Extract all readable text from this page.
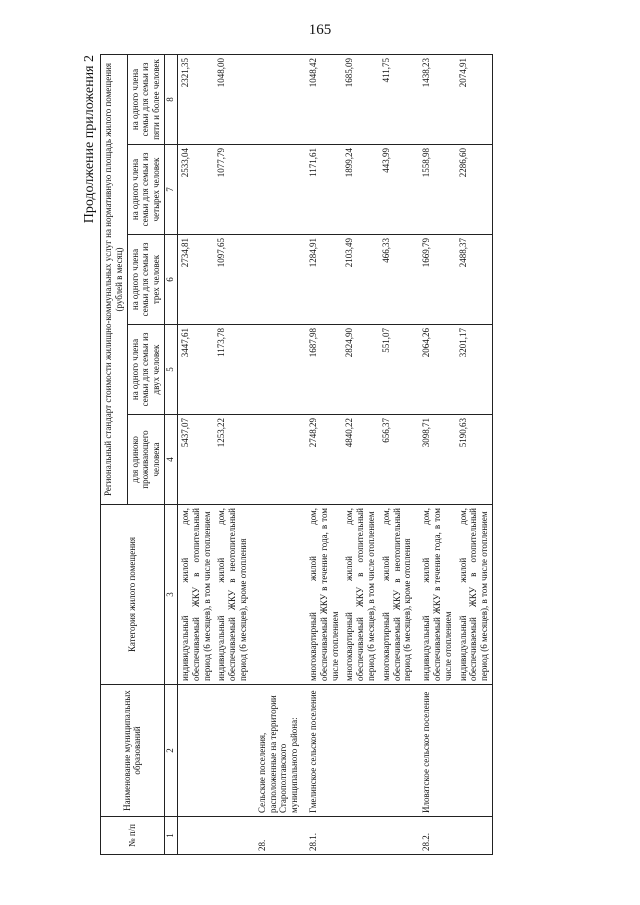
165
Продолжение приложения 2
№ п/п	Наименование муниципальных образований	Категория жилого помещения	Региональный стандарт стоимости жилищно-коммунальных услуг на нормативную площадь жилого помещения (рублей в месяц)				
			для одиноко проживающего человека	на одного члена семьи для семьи из двух человек	на одного члена семьи для семьи из трех человек	на одного члена семьи для семьи из четырех человек	на одного члена семьи для семьи из пяти и более человек
1	2	3	4	5	6	7	8
		индивидуальный жилой дом, обеспечиваемый ЖКУ в отопительный период (6 месяцев), в том числе отоплением	5437,07	3447,61	2734,81	2533,04	2321,35
		индивидуальный жилой дом, обеспечиваемый ЖКУ в неотопительный период (6 месяцев), кроме отопления	1253,22	1173,78	1097,65	1077,79	1048,00
28.	Сельские поселения, расположенные на территории Старополтавского муниципального района:						
28.1.	Гмелинское сельское поселение	многоквартирный жилой дом, обеспечиваемый ЖКУ в течение года, в том числе отоплением	2748,29	1687,98	1284,91	1171,61	1048,42
		многоквартирный жилой дом, обеспечиваемый ЖКУ в отопительный период (6 месяцев), в том числе отоплением	4840,22	2824,90	2103,49	1899,24	1685,09
		многоквартирный жилой дом, обеспечиваемый ЖКУ в неотопительный период (6 месяцев), кроме отопления	656,37	551,07	466,33	443,99	411,75
28.2.	Иловатское сельское поселение	индивидуальный жилой дом, обеспечиваемый ЖКУ в течение года, в том числе отоплением	3098,71	2064,26	1669,79	1558,98	1438,23
		индивидуальный жилой дом, обеспечиваемый ЖКУ в отопительный период (6 месяцев), в том числе отоплением	5190,63	3201,17	2488,37	2286,60	2074,91
